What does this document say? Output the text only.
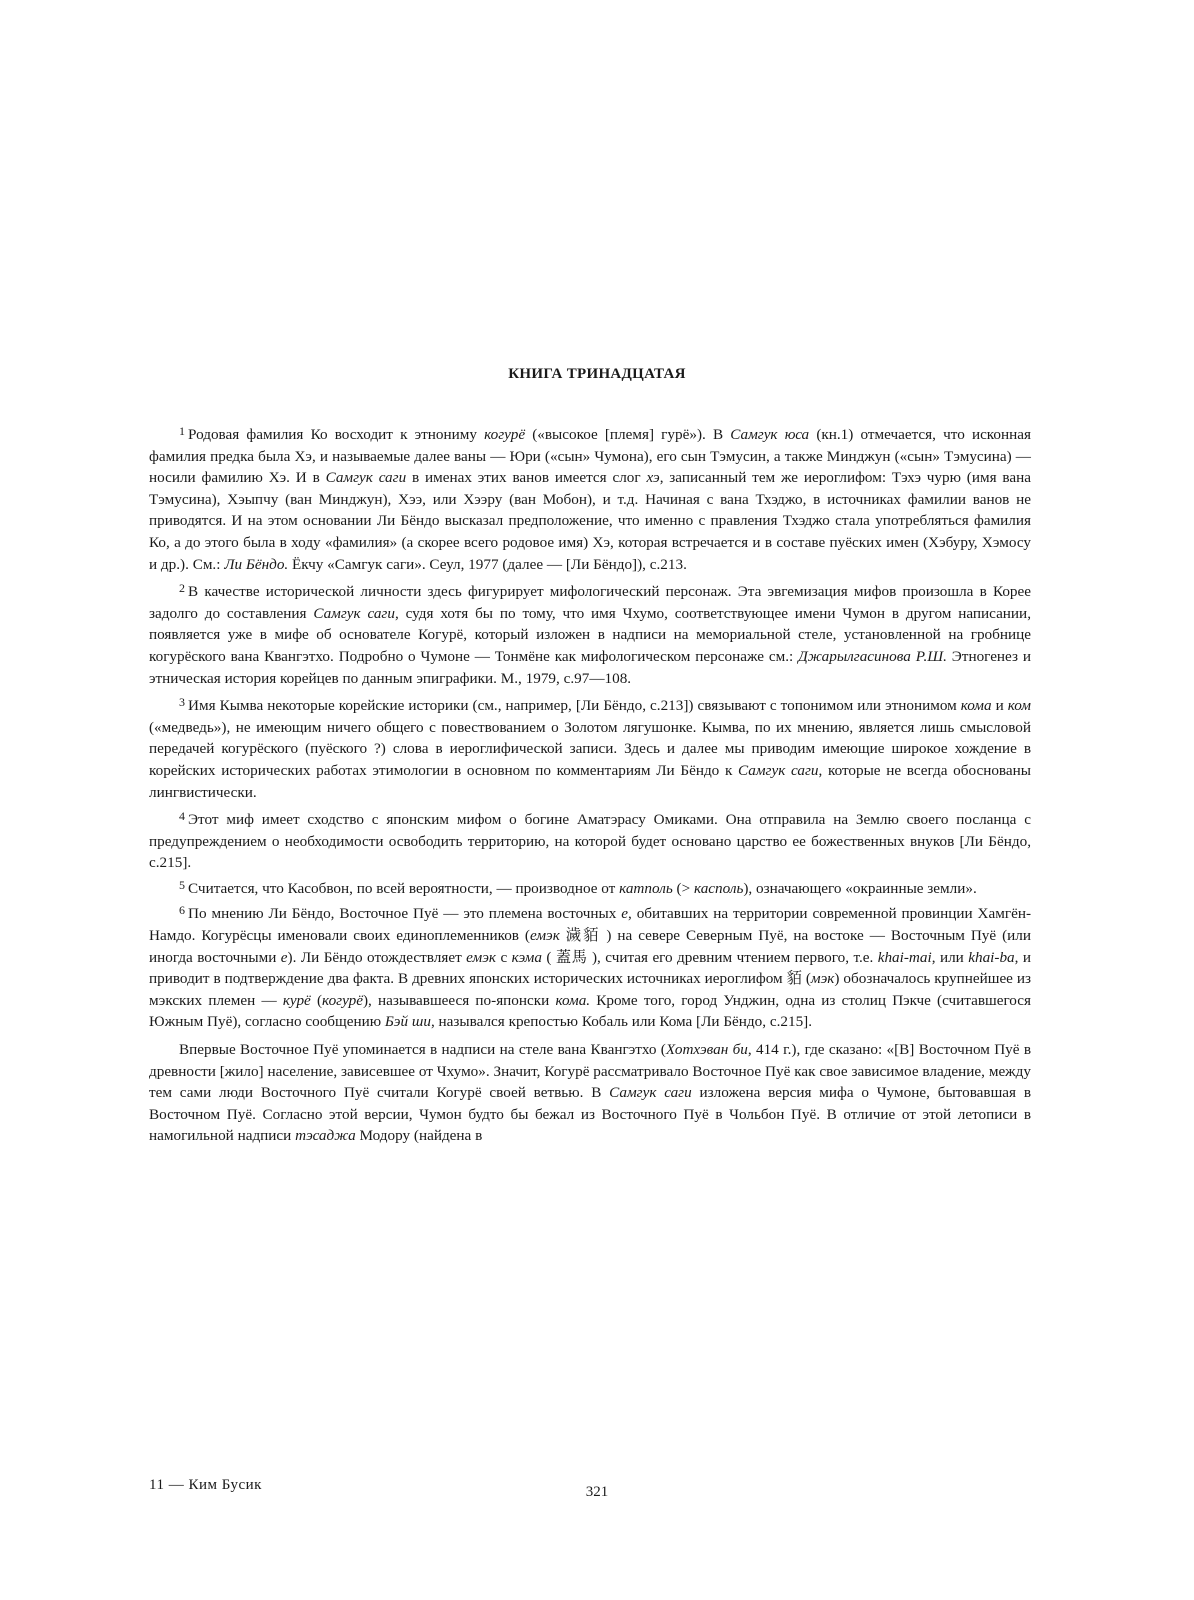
КНИГА ТРИНАДЦАТАЯ

$^1$ Родовая фамилия Ко восходит к этнониму когурё («высокое [племя] гурё»). В Самгук юса (кн.1) отмечается, что исконная фамилия предка была Хэ, и называемые далее ваны — Юри («сын» Чумона), его сын Тэмусин, а также Минджун («сын» Тэмусина) — носили фамилию Хэ. И в Самгук саги в именах этих ванов имеется слог хэ, записанный тем же иероглифом: Тэхэ чурю (имя вана Тэмусина), Хэыпчу (ван Минджун), Хээ, или Хээру (ван Мобон), и т.д. Начиная с вана Тхэджо, в источниках фамилии ванов не приводятся. И на этом основании Ли Бёндо высказал предположение, что именно с правления Тхэджо стала употребляться фамилия Ко, а до этого была в ходу «фамилия» (а скорее всего родовое имя) Хэ, которая встречается и в составе пуёских имен (Хэбуру, Хэмосу и др.). См.: Ли Бёндо. Ёкчу «Самгук саги». Сеул, 1977 (далее — [Ли Бёндо]), с.213.

$^2$ В качестве исторической личности здесь фигурирует мифологический персонаж. Эта эвгемизация мифов произошла в Корее задолго до составления Самгук саги, судя хотя бы по тому, что имя Чхумо, соответствующее имени Чумон в другом написании, появляется уже в мифе об основателе Когурё, который изложен в надписи на мемориальной стеле, установленной на гробнице когурёского вана Квангэтхо. Подробно о Чумоне — Тонмёне как мифологическом персонаже см.: Джарылгасинова Р.Ш. Этногенез и этническая история корейцев по данным эпиграфики. М., 1979, с.97—108.

$^3$ Имя Кымва некоторые корейские историки (см., например, [Ли Бёндо, с.213]) связывают с топонимом или этнонимом кома и ком («медведь»), не имеющим ничего общего с повествованием о Золотом лягушонке. Кымва, по их мнению, является лишь смысловой передачей когурёского (пуёского ?) слова в иероглифической записи. Здесь и далее мы приводим имеющие широкое хождение в корейских исторических работах этимологии в основном по комментариям Ли Бёндо к Самгук саги, которые не всегда обоснованы лингвистически.

$^4$ Этот миф имеет сходство с японским мифом о богине Аматэрасу Омиками. Она отправила на Землю своего посланца с предупреждением о необходимости освободить территорию, на которой будет основано царство ее божественных внуков [Ли Бёндо, с.215].

$^5$ Считается, что Касобвон, по всей вероятности, — производное от катполь (> касполь), означающего «окраинные земли».

$^6$ По мнению Ли Бёндо, Восточное Пуё — это племена восточных е, обитавших на территории современной провинции Хамгён-Намдо. Когурёсцы именовали своих единоплеменников (емэк 濊貊 ) на севере Северным Пуё, на востоке — Восточным Пуё (или иногда восточными е). Ли Бёндо отождествляет емэк с кэма ( 蓋馬 ), считая его древним чтением первого, т.е. khai-mai, или khai-ba, и приводит в подтверждение два факта. В древних японских исторических источниках иероглифом 貊 (мэк) обозначалось крупнейшее из мэкских племен — курё (когурё), называвшееся по-японски кома. Кроме того, город Унджин, одна из столиц Пэкче (считавшегося Южным Пуё), согласно сообщению Бэй ши, назывался крепостью Кобаль или Кома [Ли Бёндо, с.215].

Впервые Восточное Пуё упоминается в надписи на стеле вана Квангэтхо (Хотхэван би, 414 г.), где сказано: «[В] Восточном Пуё в древности [жило] население, зависевшее от Чхумо». Значит, Когурё рассматривало Восточное Пуё как свое зависимое владение, между тем сами люди Восточного Пуё считали Когурё своей ветвью. В Самгук саги изложена версия мифа о Чумоне, бытовавшая в Восточном Пуё. Согласно этой версии, Чумон будто бы бежал из Восточного Пуё в Чольбон Пуё. В отличие от этой летописи в намогильной надписи тэсаджа Модору (найдена в

11 — Ким Бусик	321
